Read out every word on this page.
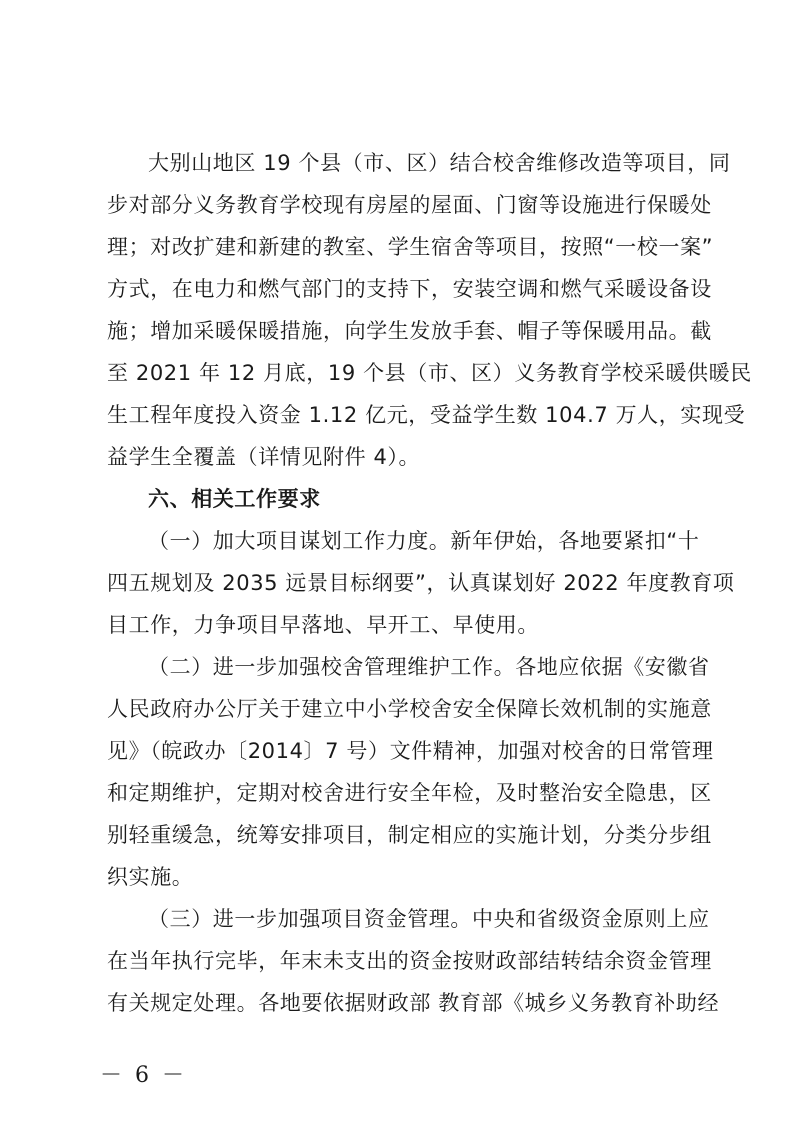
大别山地区 19 个县（市、区）结合校舍维修改造等项目，同
步对部分义务教育学校现有房屋的屋面、门窗等设施进行保暖处
理；对改扩建和新建的教室、学生宿舍等项目，按照“一校一案”
方式，在电力和燃气部门的支持下，安装空调和燃气采暖设备设
施；增加采暖保暖措施，向学生发放手套、帽子等保暖用品。截
至 2021 年 12 月底，19 个县（市、区）义务教育学校采暖供暖民
生工程年度投入资金 1.12 亿元，受益学生数 104.7 万人，实现受
益学生全覆盖（详情见附件 4）。
六、相关工作要求
（一）加大项目谋划工作力度。新年伊始，各地要紧扣“十
四五规划及 2035 远景目标纲要”，认真谋划好 2022 年度教育项
目工作，力争项目早落地、早开工、早使用。
（二）进一步加强校舍管理维护工作。各地应依据《安徽省
人民政府办公厅关于建立中小学校舍安全保障长效机制的实施意
见》（皖政办〔2014〕7 号）文件精神，加强对校舍的日常管理
和定期维护，定期对校舍进行安全年检，及时整治安全隐患，区
别轻重缓急，统筹安排项目，制定相应的实施计划，分类分步组
织实施。
（三）进一步加强项目资金管理。中央和省级资金原则上应
在当年执行完毕，年末未支出的资金按财政部结转结余资金管理
有关规定处理。各地要依据财政部 教育部《城乡义务教育补助经
－ 6 －
